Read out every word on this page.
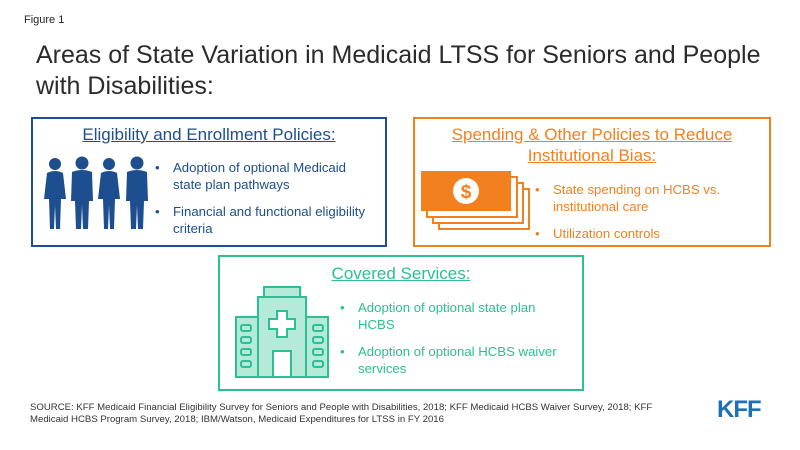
Figure 1
Areas of State Variation in Medicaid LTSS for Seniors and People with Disabilities:
Eligibility and Enrollment Policies:
• Adoption of optional Medicaid state plan pathways
• Financial and functional eligibility criteria
Spending & Other Policies to Reduce Institutional Bias:
$
•	State spending on HCBS vs. institutional care
• Utilization controls
Covered Services:
• Adoption of optional state plan HCBS
• Adoption of optional HCBS waiver services
SOURCE: KFF Medicaid Financial Eligibility Survey for Seniors and People with Disabilities, 2018; KFF Medicaid HCBS Waiver Survey, 2018; KFF Medicaid HCBS Program Survey, 2018; IBM/Watson, Medicaid Expenditures for LTSS in FY 2016	KFF
